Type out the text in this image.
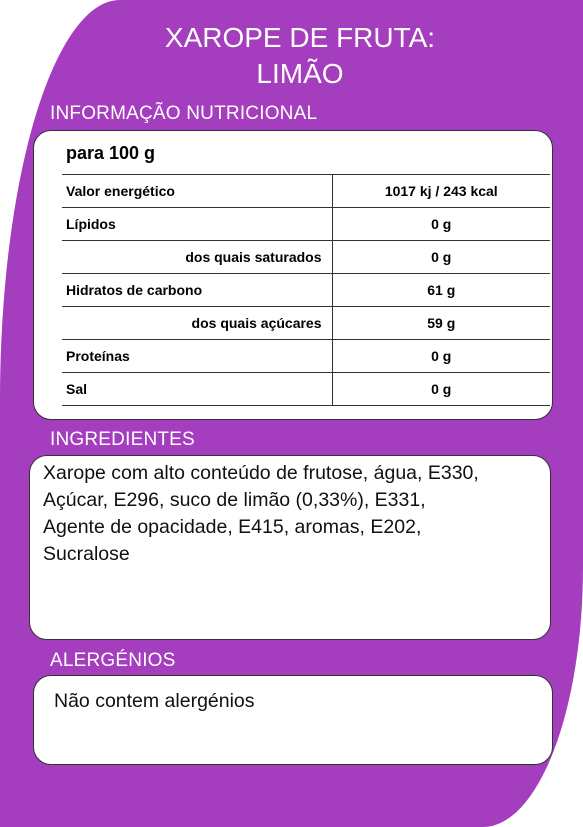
XAROPE DE FRUTA:
LIMÃO
INFORMAÇÃO NUTRICIONAL
para 100 g
Valor energético	1017 kj / 243 kcal
Lípidos	0 g
dos quais saturados	0 g
Hidratos de carbono	61 g
dos quais açúcares	59 g
Proteínas	0 g
Sal	0 g
INGREDIENTES
Xarope com alto conteúdo de frutose, água, E330,
Açúcar, E296, suco de limão (0,33%), E331,
Agente de opacidade, E415, aromas, E202,
Sucralose
ALERGÉNIOS
Não contem alergénios
